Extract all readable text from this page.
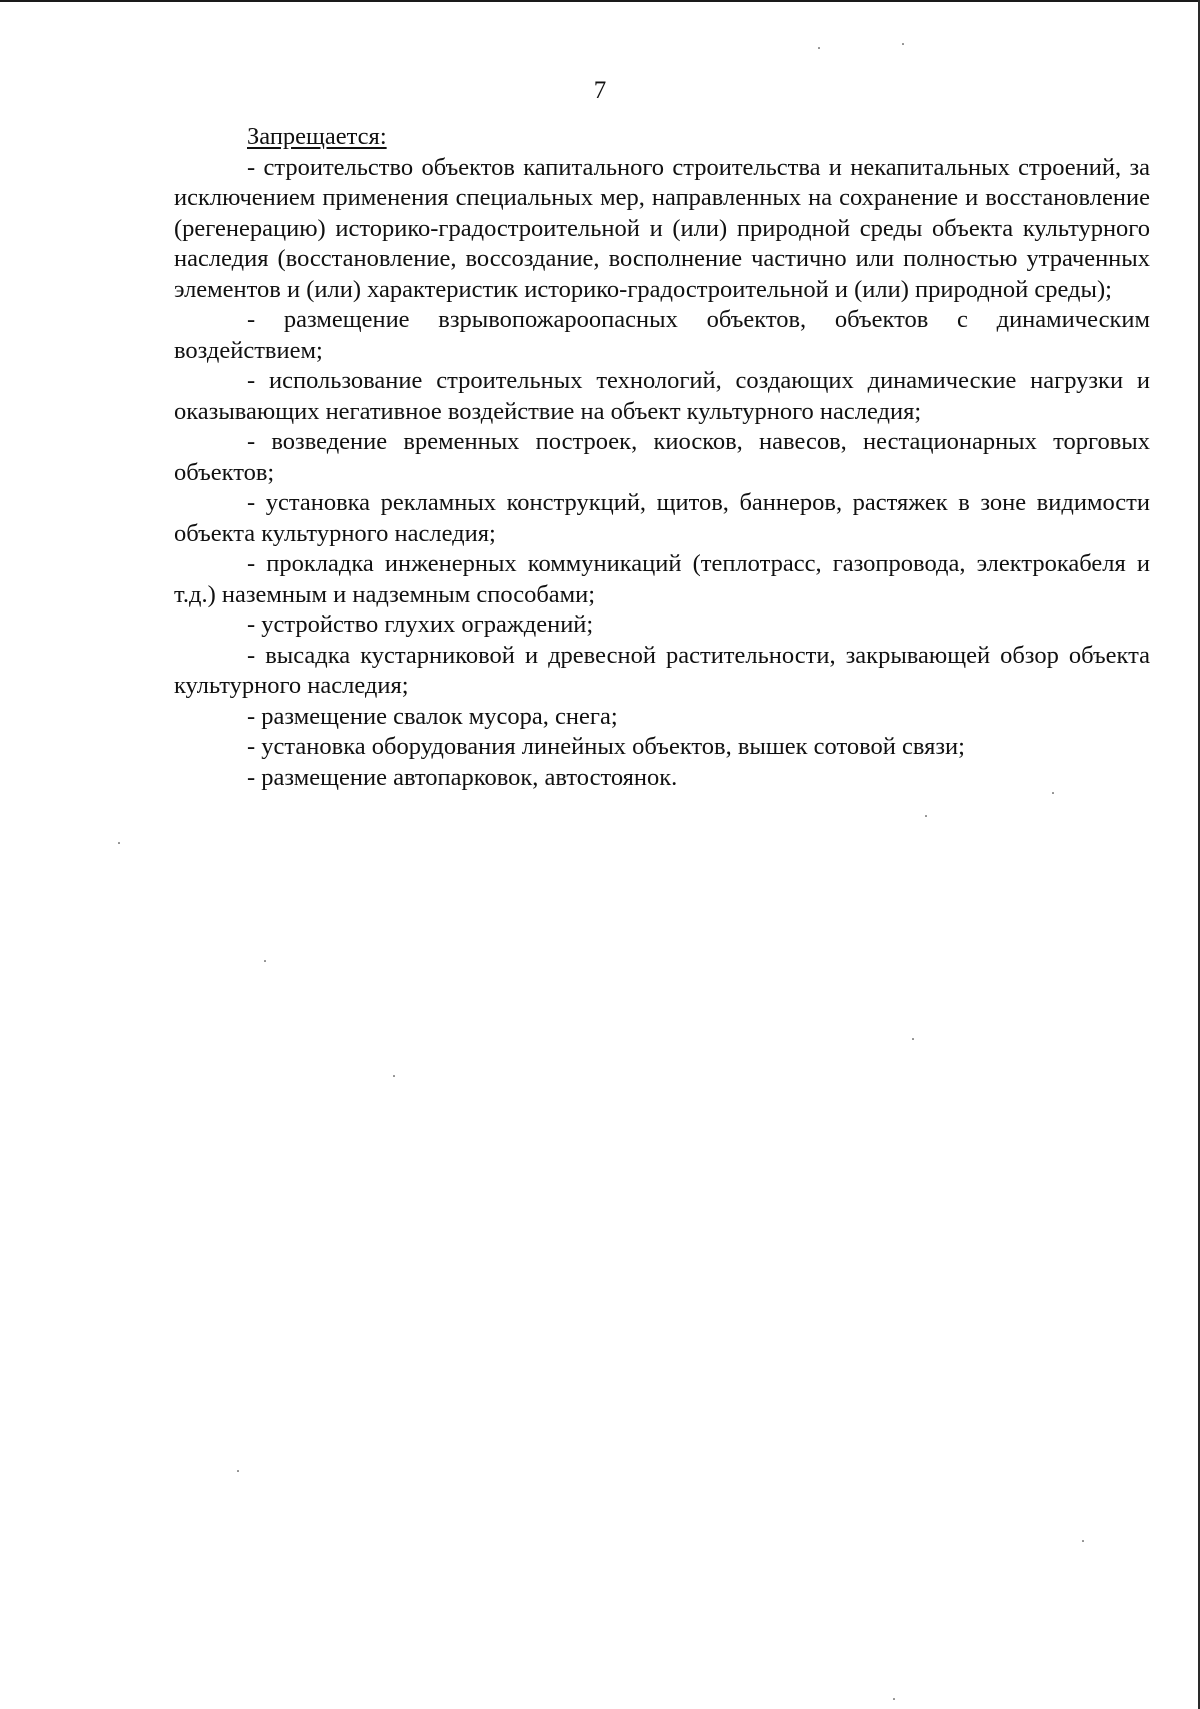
7

Запрещается:

- строительство объектов капитального строительства и некапитальных строений, за исключением применения специальных мер, направленных на сохранение и восстановление (регенерацию) историко-градостроительной и (или) природной среды объекта культурного наследия (восстановление, воссоздание, восполнение частично или полностью утраченных элементов и (или) характеристик историко-градостроительной и (или) природной среды);

- размещение взрывопожароопасных объектов, объектов с динамическим воздействием;

- использование строительных технологий, создающих динамические нагрузки и оказывающих негативное воздействие на объект культурного наследия;

- возведение временных построек, киосков, навесов, нестационарных торговых объектов;

- установка рекламных конструкций, щитов, баннеров, растяжек в зоне видимости объекта культурного наследия;

- прокладка инженерных коммуникаций (теплотрасс, газопровода, электрокабеля и т.д.) наземным и надземным способами;

- устройство глухих ограждений;

- высадка кустарниковой и древесной растительности, закрывающей обзор объекта культурного наследия;

- размещение свалок мусора, снега;

- установка оборудования линейных объектов, вышек сотовой связи;

- размещение автопарковок, автостоянок.
